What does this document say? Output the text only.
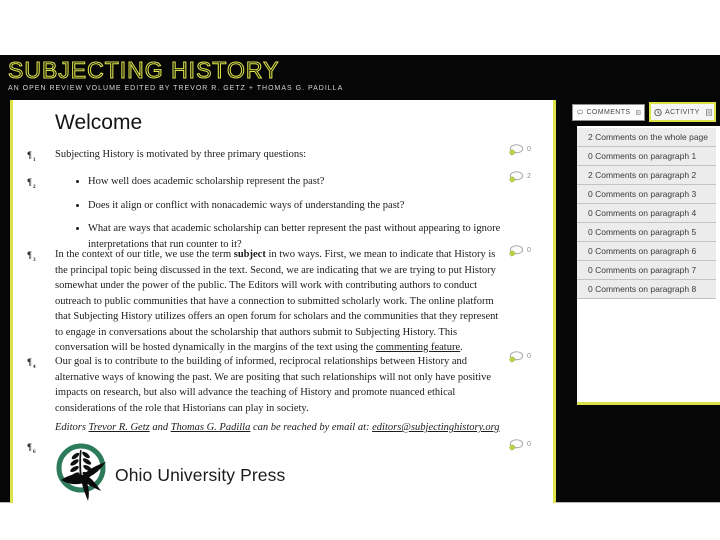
SUBJECTING HISTORY
AN OPEN REVIEW VOLUME EDITED BY TREVOR R. GETZ + THOMAS G. PADILLA
Welcome
$\P_1$ Subjecting History is motivated by three primary questions:

$\P_2$	• How well does academic scholarship represent the past?
• Does it align or conflict with nonacademic ways of understanding the past?
• What are ways that academic scholarship can better represent the past without appearing to ignore interpretations that run counter to it?
$\P_3$ In the context of our title, we use the term subject in two ways. First, we mean to indicate that History is the principal topic being discussed in the text. Second, we are indicating that we are trying to put History somewhat under the power of the public. The Editors will work with contributing authors to conduct outreach to public communities that have a connection to submitted scholarly work. The online platform that Subjecting History utilizes offers an open forum for scholars and the communities that they represent to engage in conversations about the scholarship that authors submit to Subjecting History. This conversation will be hosted dynamically in the margins of the text using the commenting feature.

$\P_4$ Our goal is to contribute to the building of informed, reciprocal relationships between History and alternative ways of knowing the past. We are positing that such relationships will not only have positive impacts on research, but also will advance the teaching of History and promote nuanced ethical considerations of the role that Historians can play in society.

Editors Trevor R. Getz and Thomas G. Padilla can be reached by email at: editors@subjectinghistory.org

$\P_6$
Ohio University Press
0
2
0
0
0
COMMENTS	ACTIVITY
2 Comments on the whole page
0 Comments on paragraph 1
2 Comments on paragraph 2
0 Comments on paragraph 3
0 Comments on paragraph 4
0 Comments on paragraph 5
0 Comments on paragraph 6
0 Comments on paragraph 7
0 Comments on paragraph 8
